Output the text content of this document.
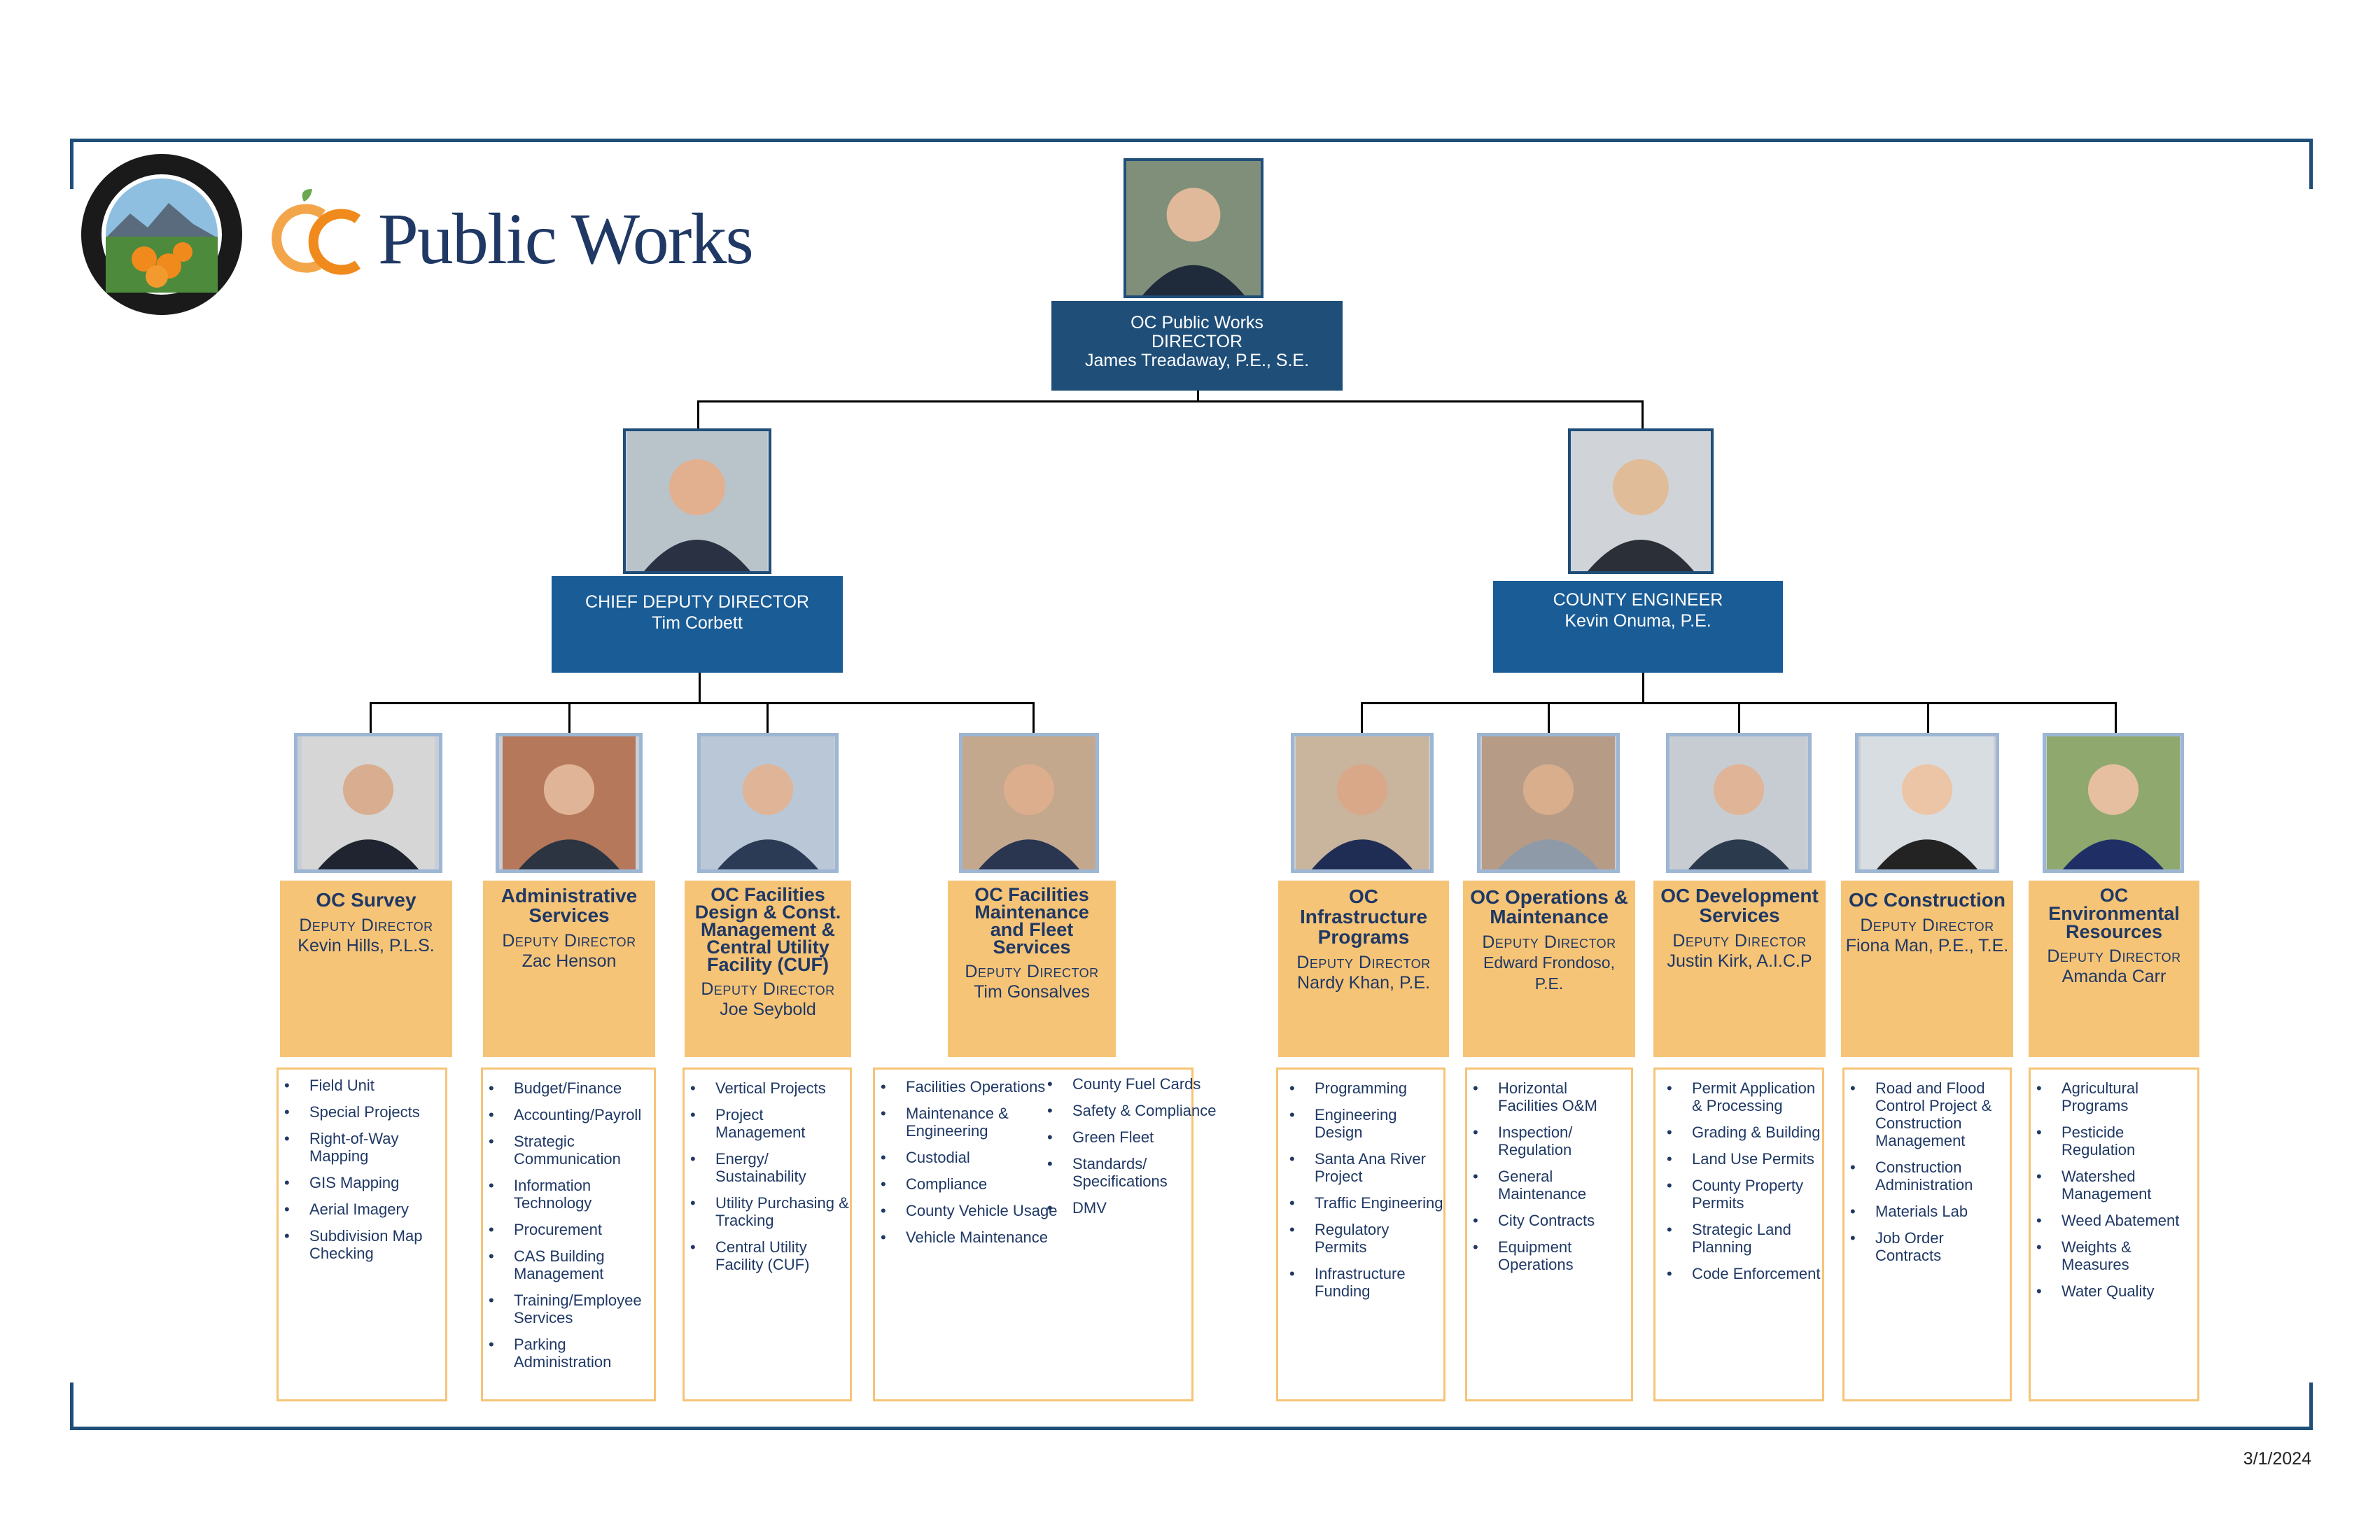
Public Works
OC Public Works
DIRECTOR
James Treadaway, P.E., S.E.
CHIEF DEPUTY DIRECTOR
Tim Corbett
COUNTY ENGINEER
Kevin Onuma, P.E.
OC Survey
Deputy Director
Kevin Hills, P.L.S.
Administrative Services
Deputy Director
Zac Henson
OC Facilities Design & Const. Management & Central Utility Facility (CUF)
Deputy Director
Joe Seybold
OC Facilities Maintenance and Fleet Services
Deputy Director
Tim Gonsalves
OC Infrastructure Programs
Deputy Director
Nardy Khan, P.E.
OC Operations & Maintenance
Deputy Director
Edward Frondoso, P.E.
OC Development Services
Deputy Director
Justin Kirk, A.I.C.P
OC Construction
Deputy Director
Fiona Man, P.E., T.E.
OC Environmental Resources
Deputy Director
Amanda Carr
• Field Unit
• Special Projects
• Right-of-Way Mapping
• GIS Mapping
• Aerial Imagery
• Subdivision Map Checking
• Budget/Finance
• Accounting/Payroll
• Strategic Communication
• Information Technology
• Procurement
• CAS Building Management
• Training/Employee Services
• Parking Administration
• Vertical Projects
• Project Management
• Energy/ Sustainability
• Utility Purchasing & Tracking
• Central Utility Facility (CUF)
• Facilities Operations
• Maintenance & Engineering
• Custodial
• Compliance
• County Vehicle Usage
• Vehicle Maintenance
• County Fuel Cards
• Safety & Compliance
• Green Fleet
• Standards/ Specifications
• DMV
• Programming
• Engineering Design
• Santa Ana River Project
• Traffic Engineering
• Regulatory Permits
• Infrastructure Funding
• Horizontal Facilities O&M
• Inspection/ Regulation
• General Maintenance
• City Contracts
• Equipment Operations
• Permit Application & Processing
• Grading & Building
• Land Use Permits
• County Property Permits
• Strategic Land Planning
• Code Enforcement
• Road and Flood Control Project & Construction Management
• Construction Administration
• Materials Lab
• Job Order Contracts
• Agricultural Programs
• Pesticide Regulation
• Watershed Management
• Weed Abatement
• Weights & Measures
• Water Quality
3/1/2024
